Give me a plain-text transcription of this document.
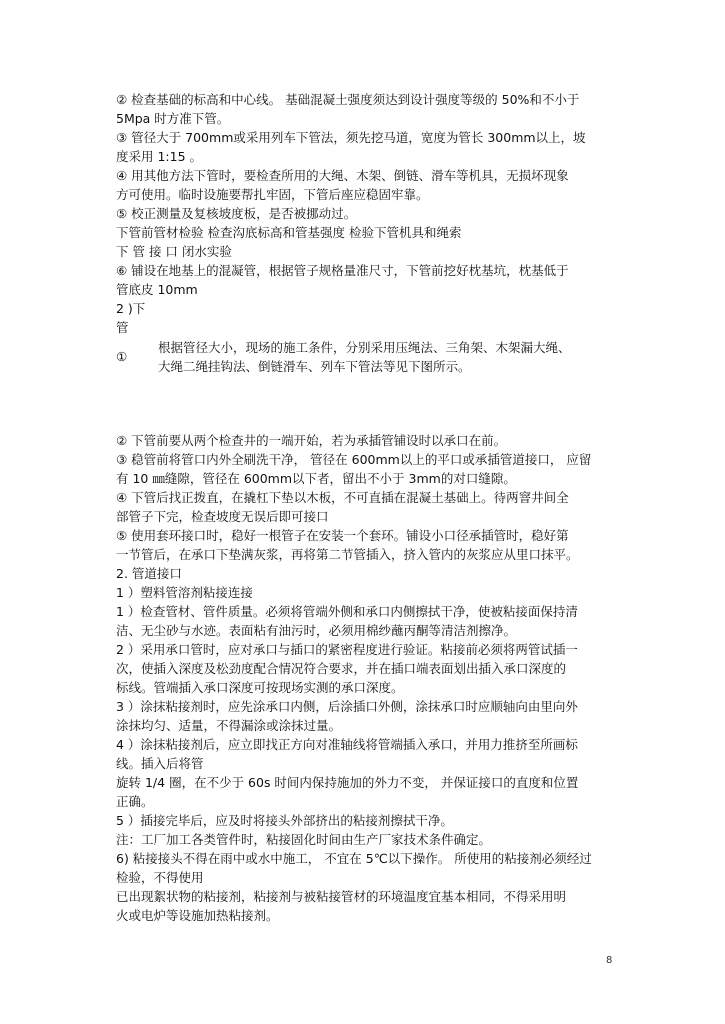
② 检查基础的标高和中心线。 基础混凝土强度须达到设计强度等级的 50%和不小于
5Mpa 时方准下管。
③ 管径大于 700mm或采用列车下管法，须先挖马道，宽度为管长 300mm以上，坡
度采用 1:15 。
④ 用其他方法下管时，要检查所用的大绳、木架、倒链、滑车等机具，无损坏现象
方可使用。临时设施要帮扎牢固，下管后座应稳固牢靠。
⑤ 校正测量及复核坡度板，是否被挪动过。
下管前管材检验 检查沟底标高和管基强度 检验下管机具和绳索
下 管 接 口 闭水实验
⑥ 铺设在地基上的混凝管，根据管子规格量准尺寸，下管前挖好枕基坑，枕基低于
管底皮 10mm
2 )下
管
根据管径大小，现场的施工条件，分别采用压绳法、三角架、木架漏大绳、
①
大绳二绳挂钩法、倒链滑车、列车下管法等见下图所示。
② 下管前要从两个检查井的一端开始，若为承插管铺设时以承口在前。
③ 稳管前将管口内外全刷洗干净， 管径在 600mm以上的平口或承插管道接口， 应留
有 10 ㎜缝隙，管径在 600mm以下者，留出不小于 3mm的对口缝隙。
④ 下管后找正拨直，在撬杠下垫以木板，不可直插在混凝土基础上。待两窨井间全
部管子下完，检查坡度无误后即可接口
⑤ 使用套环接口时，稳好一根管子在安装一个套环。铺设小口径承插管时，稳好第
一节管后，在承口下垫满灰浆，再将第二节管插入，挤入管内的灰浆应从里口抹平。
2. 管道接口
1 ）塑料管溶剂粘接连接
1 ）检查管材、管件质量。必须将管端外侧和承口内侧擦拭干净，使被粘接面保持清
洁、无尘砂与水迹。表面粘有油污时，必须用棉纱蘸丙酮等清洁剂擦净。
2 ）采用承口管时，应对承口与插口的紧密程度进行验证。粘接前必须将两管试插一
次，使插入深度及松劲度配合情况符合要求，并在插口端表面划出插入承口深度的
标线。管端插入承口深度可按现场实测的承口深度。
3 ）涂抹粘接剂时，应先涂承口内侧，后涂插口外侧，涂抹承口时应顺轴向由里向外
涂抹均匀、适量，不得漏涂或涂抹过量。
4 ）涂抹粘接剂后，应立即找正方向对准轴线将管端插入承口，并用力推挤至所画标
线。插入后将管
旋转 1/4 圈，在不少于 60s 时间内保持施加的外力不变， 并保证接口的直度和位置
正确。
5 ）插接完毕后，应及时将接头外部挤出的粘接剂擦拭干净。
注：工厂加工各类管件时，粘接固化时间由生产厂家技术条件确定。
6) 粘接接头不得在雨中或水中施工， 不宜在 5℃以下操作。 所使用的粘接剂必须经过
检验，不得使用
已出现絮状物的粘接剂，粘接剂与被粘接管材的环境温度宜基本相同，不得采用明
火或电炉等设施加热粘接剂。
8
